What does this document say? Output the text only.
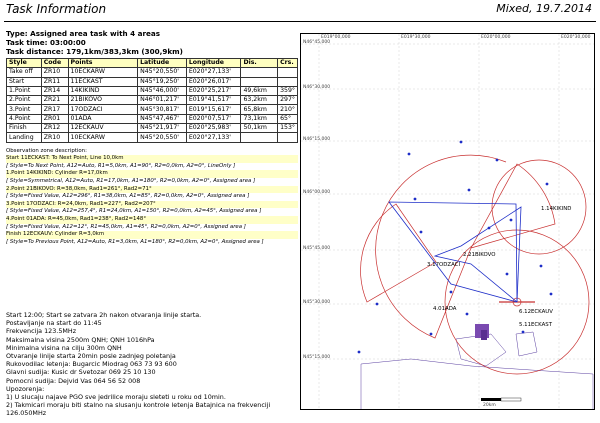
Task Information	Mixed, 19.7.2014
Type: Assigned area task with 4 areas
Task time: 03:00:00
Task distance: 179,1km/383,3km (300,9km)
Style	Code	Points	Latitude	Longitude	Dis.	Crs.
Take off	ZR10	10ECKARW	N45°20,550'	E020°27,133'		
Start	ZR11	11ECKAST	N45°19,250'	E020°26,017'		
1.Point	ZR14	14KIKIND	N45°46,000'	E020°25,217'	49,6km	359°
2.Point	ZR21	21BIKOVO	N46°01,217'	E019°41,517'	63,2km	297°
3.Point	ZR17	17ODZACI	N45°30,817'	E019°15,617'	65,8km	210°
4.Point	ZR01	01ADA	N45°47,467'	E020°07,517'	73,1km	65°
Finish	ZR12	12ECKAUV	N45°21,917'	E020°25,983'	50,1km	153°
Landing	ZR10	10ECKARW	N45°20,550'	E020°27,133'		
Observation zone description:
Start 11ECKAST: To Next Point, Line 10,0km
[ Style=To Next Point, A12=Auto, R1=5,0km, A1=90°, R2=0,0km, A2=0°, LineOnly ]
1.Point 14KIKIND: Cylinder R=17,0km
[ Style=Symmetrical, A12=Auto, R1=17,0km, A1=180°, R2=0,0km, A2=0°, Assigned area ]
2.Point 21BIKOVO: R=38,0km, Rad1=261°, Rad2=71°
[ Style=Fixed Value, A12=296°, R1=38,0km, A1=85°, R2=0,0km, A2=0°, Assigned area ]
3.Point 17ODZACI: R=24,0km, Rad1=227°, Rad2=207°
[ Style=Fixed Value, A12=257,4°, R1=24,0km, A1=150°, R2=0,0km, A2=45°, Assigned area ]
4.Point 01ADA: R=45,0km, Rad1=238°, Rad2=148°
[ Style=Fixed Value, A12=12°, R1=45,0km, A1=45°, R2=0,0km, A2=0°, Assigned area ]
Finish 12ECKAUV: Cylinder R=3,0km
[ Style=To Previous Point, A12=Auto, R1=3,0km, A1=180°, R2=0,0km, A2=0°, Assigned area ]
Start 12:00; Start se zatvara 2h nakon otvaranja linije starta.
Postavljanje na start do 11:45
Frekvencija 123.5MHz
Maksimalna visina 2500m QNH; QNH 1016hPa
Minimalna visina na cilju 300m QNH
Otvaranje linije starta 20min posle zadnjeg poletanja
Rukovodilac letenja: Bugarcic Miodrag 063 73 93 600
Glavni sudija: Kusic dr Svetozar 069 25 10 130
Pomocni sudija: Dejvid Vas 064 56 52 008
Upozorenja:
1) U slucaju najave PGO sve jedrilice moraju sleteti u roku od 10min.
2) Takmicari moraju biti stalno na slusanju kontrole letenja Batajnica na frekvenciji
126.050MHz
E019°00,000	E019°30,000	E020°00,000	E020°30,000
N46°45,000
N46°30,000
N46°15,000
N46°00,000
N45°45,000
N45°30,000
N45°15,000
1.14KIKIND
2.21BIKOVO
3.17ODZACI
4.01ADA	6.12ECKAUV
5.11ECKAST
20km
